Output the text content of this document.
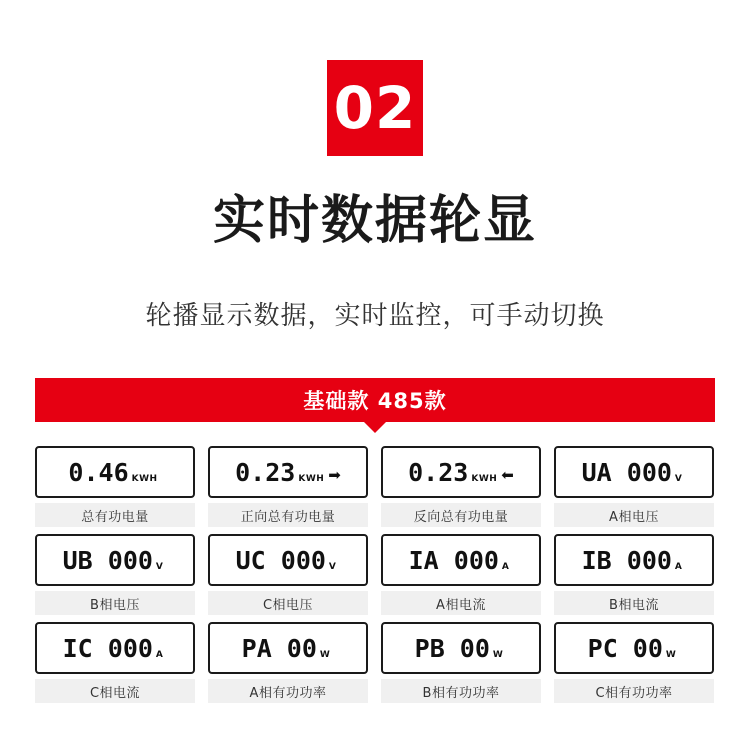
02
实时数据轮显
轮播显示数据，实时监控，可手动切换
基础款 485款
0.46 KWH
总有功电量
0.23 KWH ➡
正向总有功电量
0.23 KWH ⬅
反向总有功电量
UA 000 V
A相电压
UB 000 V
B相电压
UC 000 V
C相电压
IA 000 A
A相电流
IB 000 A
B相电流
IC 000 A
C相电流
PA 00 W
A相有功功率
PB 00 W
B相有功功率
PC 00 W
C相有功功率
